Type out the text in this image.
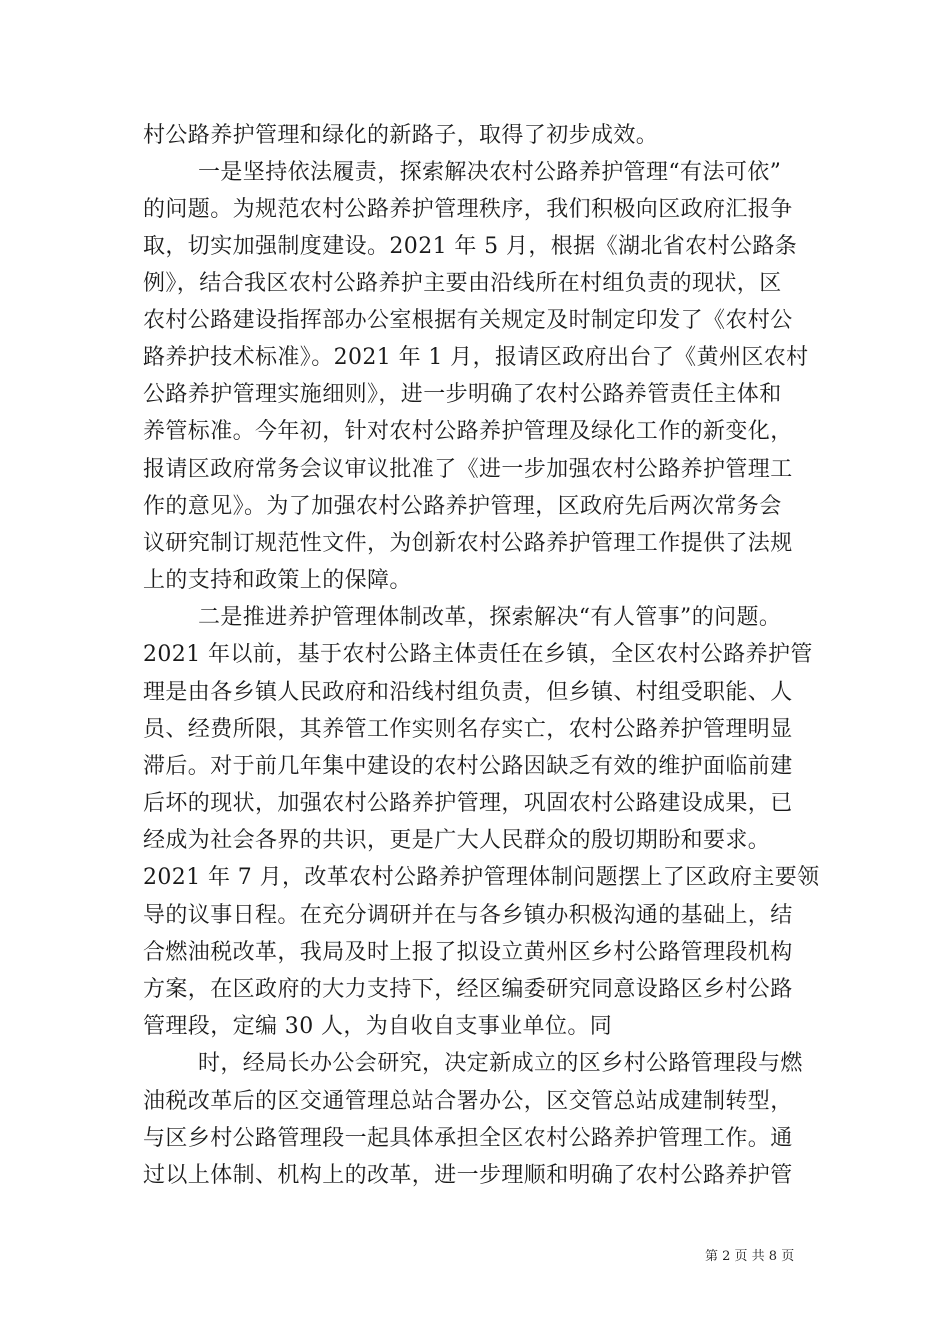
村公路养护管理和绿化的新路子，取得了初步成效。
一是坚持依法履责，探索解决农村公路养护管理“有法可依”
的问题。为规范农村公路养护管理秩序，我们积极向区政府汇报争
取，切实加强制度建设。2021 年 5 月，根据《湖北省农村公路条
例》，结合我区农村公路养护主要由沿线所在村组负责的现状，区
农村公路建设指挥部办公室根据有关规定及时制定印发了《农村公
路养护技术标准》。2021 年 1 月，报请区政府出台了《黄州区农村
公路养护管理实施细则》，进一步明确了农村公路养管责任主体和
养管标准。今年初，针对农村公路养护管理及绿化工作的新变化，
报请区政府常务会议审议批准了《进一步加强农村公路养护管理工
作的意见》。为了加强农村公路养护管理，区政府先后两次常务会
议研究制订规范性文件，为创新农村公路养护管理工作提供了法规
上的支持和政策上的保障。
二是推进养护管理体制改革，探索解决“有人管事”的问题。
2021 年以前，基于农村公路主体责任在乡镇，全区农村公路养护管
理是由各乡镇人民政府和沿线村组负责，但乡镇、村组受职能、人
员、经费所限，其养管工作实则名存实亡，农村公路养护管理明显
滞后。对于前几年集中建设的农村公路因缺乏有效的维护面临前建
后坏的现状，加强农村公路养护管理，巩固农村公路建设成果，已
经成为社会各界的共识，更是广大人民群众的殷切期盼和要求。
2021 年 7 月，改革农村公路养护管理体制问题摆上了区政府主要领
导的议事日程。在充分调研并在与各乡镇办积极沟通的基础上，结
合燃油税改革，我局及时上报了拟设立黄州区乡村公路管理段机构
方案，在区政府的大力支持下，经区编委研究同意设路区乡村公路
管理段，定编 30 人，为自收自支事业单位。同
时，经局长办公会研究，决定新成立的区乡村公路管理段与燃
油税改革后的区交通管理总站合署办公，区交管总站成建制转型，
与区乡村公路管理段一起具体承担全区农村公路养护管理工作。通
过以上体制、机构上的改革，进一步理顺和明确了农村公路养护管
第 2 页 共 8 页
